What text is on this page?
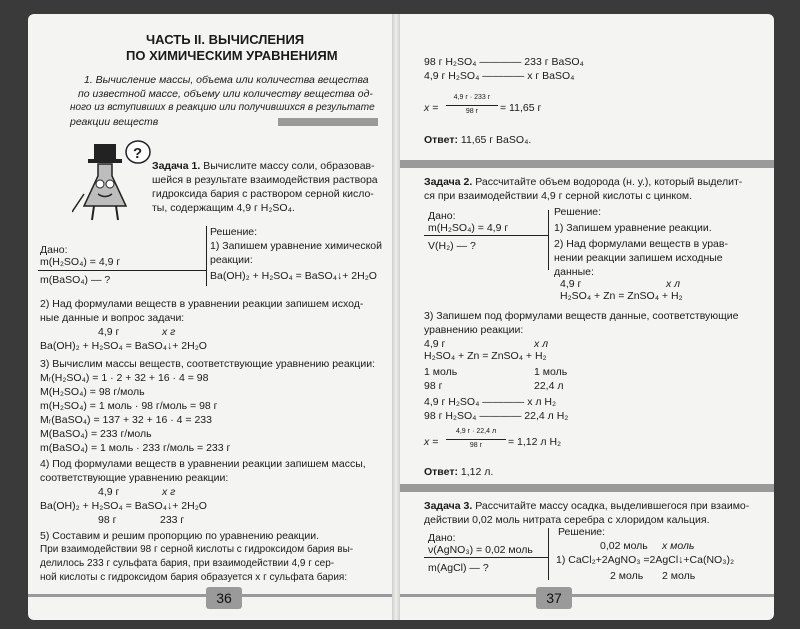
ЧАСТЬ II. ВЫЧИСЛЕНИЯ
ПО ХИМИЧЕСКИМ УРАВНЕНИЯМ
1. Вычисление массы, объема или количества вещества
по известной массе, объему или количеству вещества од-
ного из вступивших в реакцию или получившихся в результате
реакции веществ
?
Задача 1. Вычислите массу соли, образовав-
шейся в результате взаимодействия раствора
гидроксида бария с раствором серной кисло-
ты, содержащим 4,9 г H₂SO₄.
Дано:
m(H₂SO₄) = 4,9 г
m(BaSO₄) — ?
Решение:
1) Запишем уравнение химической
реакции:
Ba(OH)₂ + H₂SO₄ = BaSO₄↓+ 2H₂O
2) Над формулами веществ в уравнении реакции запишем исход-
ные данные и вопрос задачи:
4,9 г	x г
Ba(OH)₂ + H₂SO₄ = BaSO₄↓+ 2H₂O
3) Вычислим массы веществ, соответствующие уравнению реакции:
Mᵣ(H₂SO₄) = 1 · 2 + 32 + 16 · 4 = 98
M(H₂SO₄) = 98 г/моль
m(H₂SO₄) = 1 моль · 98 г/моль = 98 г
Mᵣ(BaSO₄) = 137 + 32 + 16 · 4 = 233
M(BaSO₄) = 233 г/моль
m(BaSO₄) = 1 моль · 233 г/моль = 233 г
4) Под формулами веществ в уравнении реакции запишем массы,
соответствующие уравнению реакции:
4,9 г	x г
Ba(OH)₂ + H₂SO₄ = BaSO₄↓+ 2H₂O
98 г	233 г
5) Составим и решим пропорцию по уравнению реакции.
При взаимодействии 98 г серной кислоты с гидроксидом бария вы-
делилось 233 г сульфата бария, при взаимодействии 4,9 г сер-
ной кислоты с гидроксидом бария образуется x г сульфата бария:
36
98 г H₂SO₄ ———— 233 г BaSO₄
4,9 г H₂SO₄ ———— x г BaSO₄
x =
4,9 г · 233 г
98 г	= 11,65 г
Ответ: 11,65 г BaSO₄.
Задача 2. Рассчитайте объем водорода (н. у.), который выделит-
ся при взаимодействии 4,9 г серной кислоты с цинком.
Дано:
m(H₂SO₄) = 4,9 г
V(H₂) — ?
Решение:
1) Запишем уравнение реакции.
2) Над формулами веществ в урав-
нении реакции запишем исходные
данные:
4,9 г	x л
H₂SO₄ + Zn = ZnSO₄ + H₂
3) Запишем под формулами веществ данные, соответствующие
уравнению реакции:
4,9 г	x л
H₂SO₄ + Zn = ZnSO₄ + H₂
1 моль	1 моль
98 г	22,4 л
4,9 г H₂SO₄ ———— x л H₂
98 г H₂SO₄ ———— 22,4 л H₂
x =
4,9 г · 22,4 л
98 г	= 1,12 л H₂
Ответ: 1,12 л.
Задача 3. Рассчитайте массу осадка, выделившегося при взаимо-
действии 0,02 моль нитрата серебра с хлоридом кальция.
Дано:
ν(AgNO₃) = 0,02 моль
m(AgCl) — ?
Решение:
0,02 моль x моль
1) CaCl₂+2AgNO₃ =2AgCl↓+Ca(NO₃)₂
2 моль 2 моль
37
